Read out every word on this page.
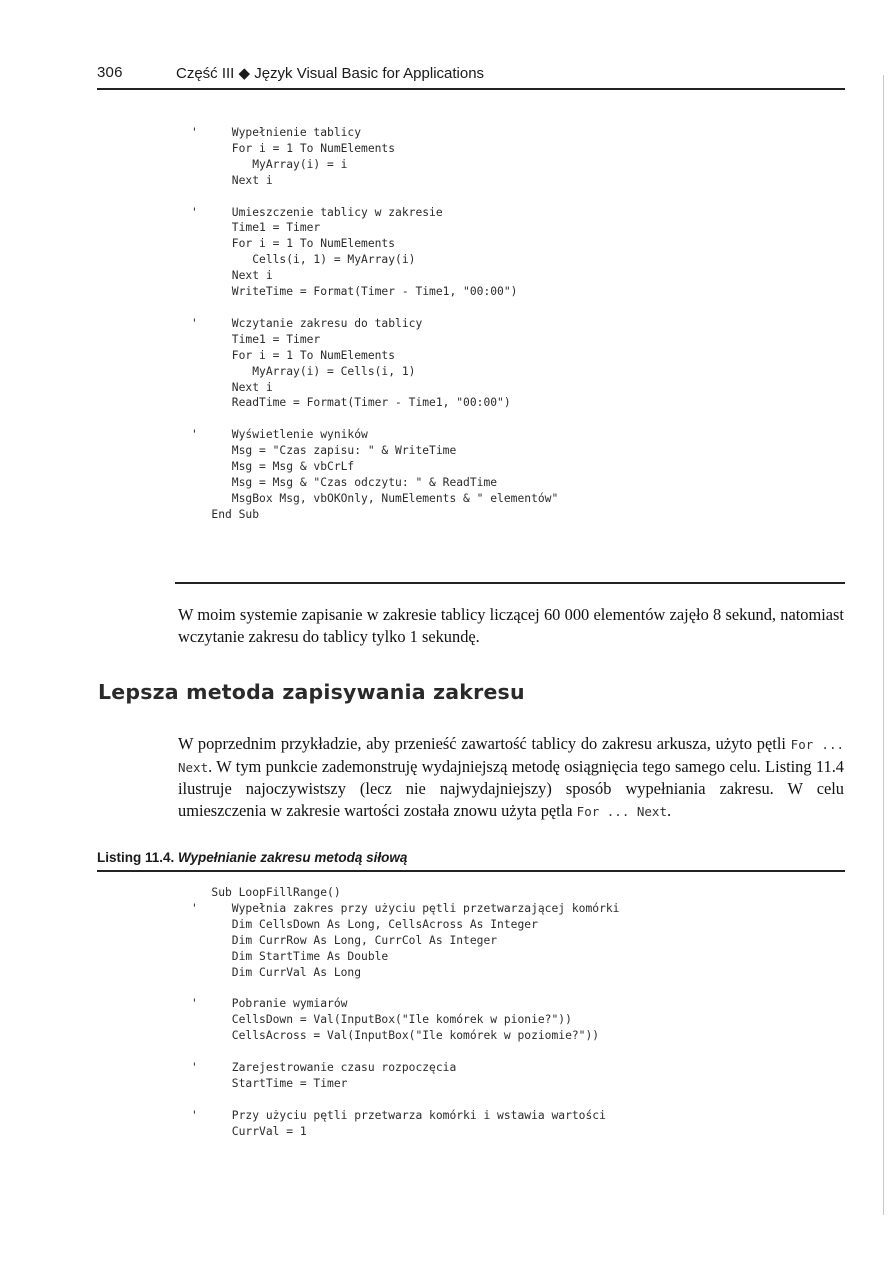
306	Część III ◆ Język Visual Basic for Applications
'     Wypełnienie tablicy
For i = 1 To NumElements
MyArray(i) = i
Next i

'     Umieszczenie tablicy w zakresie
Time1 = Timer
For i = 1 To NumElements
Cells(i, 1) = MyArray(i)
Next i
WriteTime = Format(Timer - Time1, "00:00")

'     Wczytanie zakresu do tablicy
Time1 = Timer
For i = 1 To NumElements
MyArray(i) = Cells(i, 1)
Next i
ReadTime = Format(Timer - Time1, "00:00")

'     Wyświetlenie wyników
Msg = "Czas zapisu: " & WriteTime
Msg = Msg & vbCrLf
Msg = Msg & "Czas odczytu: " & ReadTime
MsgBox Msg, vbOKOnly, NumElements & " elementów"
End Sub

W moim systemie zapisanie w zakresie tablicy liczącej 60 000 elementów zajęło 8 sekund, natomiast wczytanie zakresu do tablicy tylko 1 sekundę.

Lepsza metoda zapisywania zakresu

W poprzednim przykładzie, aby przenieść zawartość tablicy do zakresu arkusza, użyto pętli For ... Next. W tym punkcie zademonstruję wydajniejszą metodę osiągnięcia tego samego celu. Listing 11.4 ilustruje najoczywistszy (lecz nie najwydajniejszy) sposób wypełniania zakresu. W celu umieszczenia w zakresie wartości została znowu użyta pętla For ... Next.

Listing 11.4. Wypełnianie zakresu metodą siłową
Sub LoopFillRange()
'     Wypełnia zakres przy użyciu pętli przetwarzającej komórki
Dim CellsDown As Long, CellsAcross As Integer
Dim CurrRow As Long, CurrCol As Integer
Dim StartTime As Double
Dim CurrVal As Long

'     Pobranie wymiarów
CellsDown = Val(InputBox("Ile komórek w pionie?"))
CellsAcross = Val(InputBox("Ile komórek w poziomie?"))

'     Zarejestrowanie czasu rozpoczęcia
StartTime = Timer

'     Przy użyciu pętli przetwarza komórki i wstawia wartości
CurrVal = 1
